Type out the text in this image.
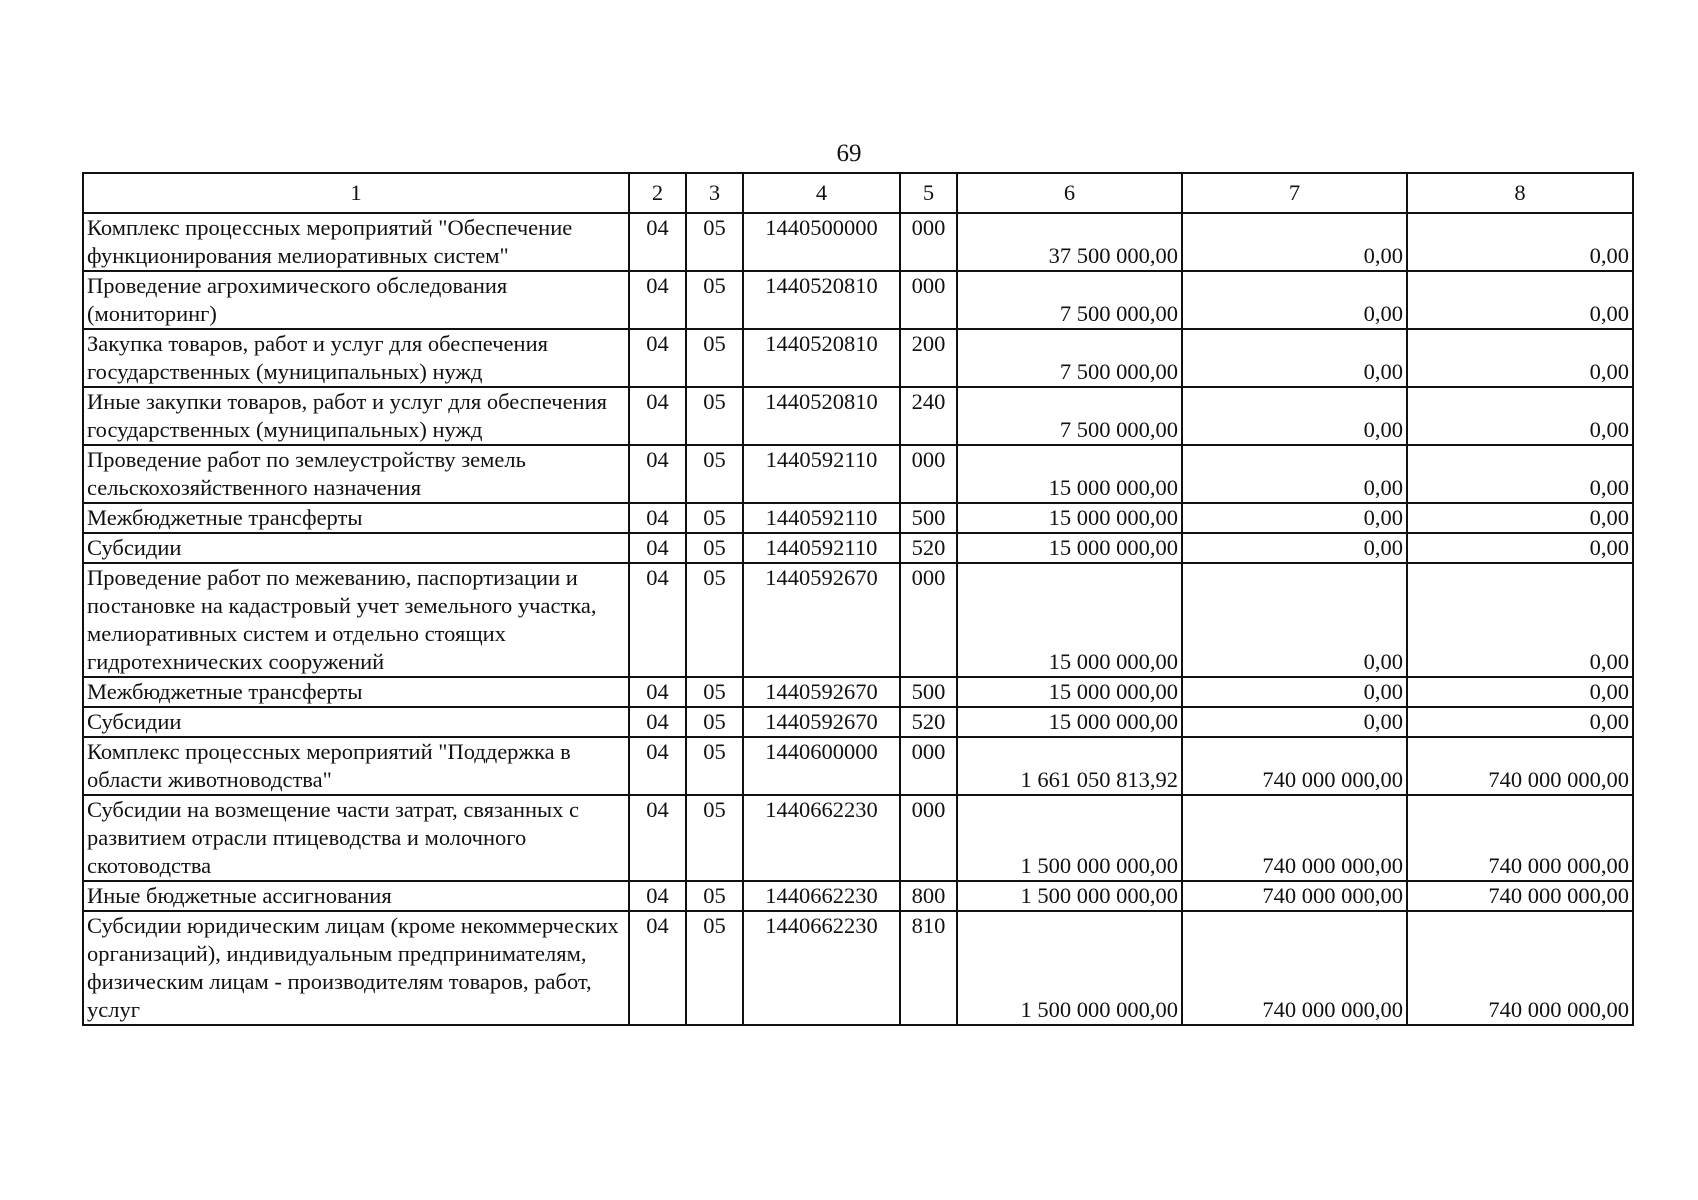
69
1	2	3	4	5	6	7	8
Комплекс процессных мероприятий "Обеспечение функционирования мелиоративных систем"	04	05	1440500000	000	37 500 000,00	0,00	0,00
Проведение агрохимического обследования (мониторинг)	04	05	1440520810	000	7 500 000,00	0,00	0,00
Закупка товаров, работ и услуг для обеспечения государственных (муниципальных) нужд	04	05	1440520810	200	7 500 000,00	0,00	0,00
Иные закупки товаров, работ и услуг для обеспечения государственных (муниципальных) нужд	04	05	1440520810	240	7 500 000,00	0,00	0,00
Проведение работ по землеустройству земель сельскохозяйственного назначения	04	05	1440592110	000	15 000 000,00	0,00	0,00
Межбюджетные трансферты	04	05	1440592110	500	15 000 000,00	0,00	0,00
Субсидии	04	05	1440592110	520	15 000 000,00	0,00	0,00
Проведение работ по межеванию, паспортизации и постановке на кадастровый учет земельного участка, мелиоративных систем и отдельно стоящих гидротехнических сооружений	04	05	1440592670	000	15 000 000,00	0,00	0,00
Межбюджетные трансферты	04	05	1440592670	500	15 000 000,00	0,00	0,00
Субсидии	04	05	1440592670	520	15 000 000,00	0,00	0,00
Комплекс процессных мероприятий "Поддержка в области животноводства"	04	05	1440600000	000	1 661 050 813,92	740 000 000,00	740 000 000,00
Субсидии на возмещение части затрат, связанных с развитием отрасли птицеводства и молочного скотоводства	04	05	1440662230	000	1 500 000 000,00	740 000 000,00	740 000 000,00
Иные бюджетные ассигнования	04	05	1440662230	800	1 500 000 000,00	740 000 000,00	740 000 000,00
Субсидии юридическим лицам (кроме некоммерческих организаций), индивидуальным предпринимателям, физическим лицам - производителям товаров, работ, услуг	04	05	1440662230	810	1 500 000 000,00	740 000 000,00	740 000 000,00
